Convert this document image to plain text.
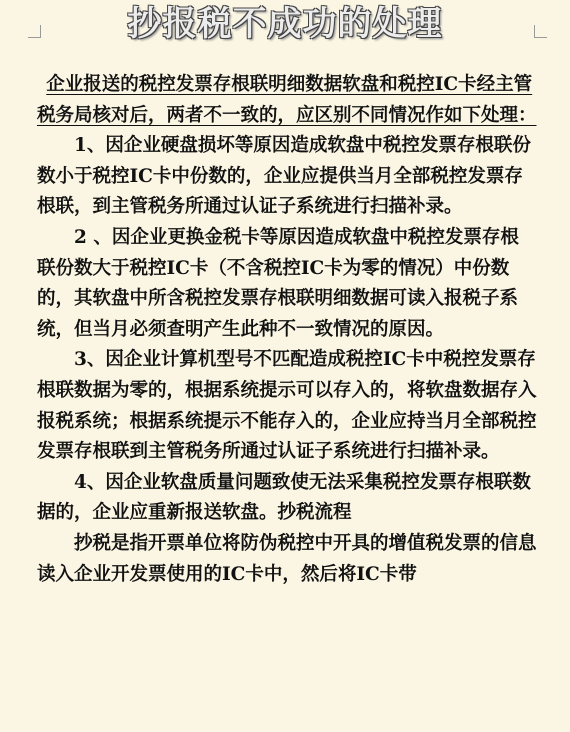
抄报税不成功的处理

企业报送的税控发票存根联明细数据软盘和税控IC卡经主管税务局核对后，两者不一致的，应区别不同情况作如下处理：

1、因企业硬盘损坏等原因造成软盘中税控发票存根联份数小于税控IC卡中份数的，企业应提供当月全部税控发票存根联，到主管税务所通过认证子系统进行扫描补录。

2 、因企业更换金税卡等原因造成软盘中税控发票存根联份数大于税控IC卡（不含税控IC卡为零的情况）中份数的，其软盘中所含税控发票存根联明细数据可读入报税子系统，但当月必须查明产生此种不一致情况的原因。

3、因企业计算机型号不匹配造成税控IC卡中税控发票存根联数据为零的，根据系统提示可以存入的，将软盘数据存入报税系统；根据系统提示不能存入的，企业应持当月全部税控发票存根联到主管税务所通过认证子系统进行扫描补录。

4、因企业软盘质量问题致使无法采集税控发票存根联数据的，企业应重新报送软盘。抄税流程

抄税是指开票单位将防伪税控中开具的增值税发票的信息读入企业开发票使用的IC卡中，然后将IC卡带
